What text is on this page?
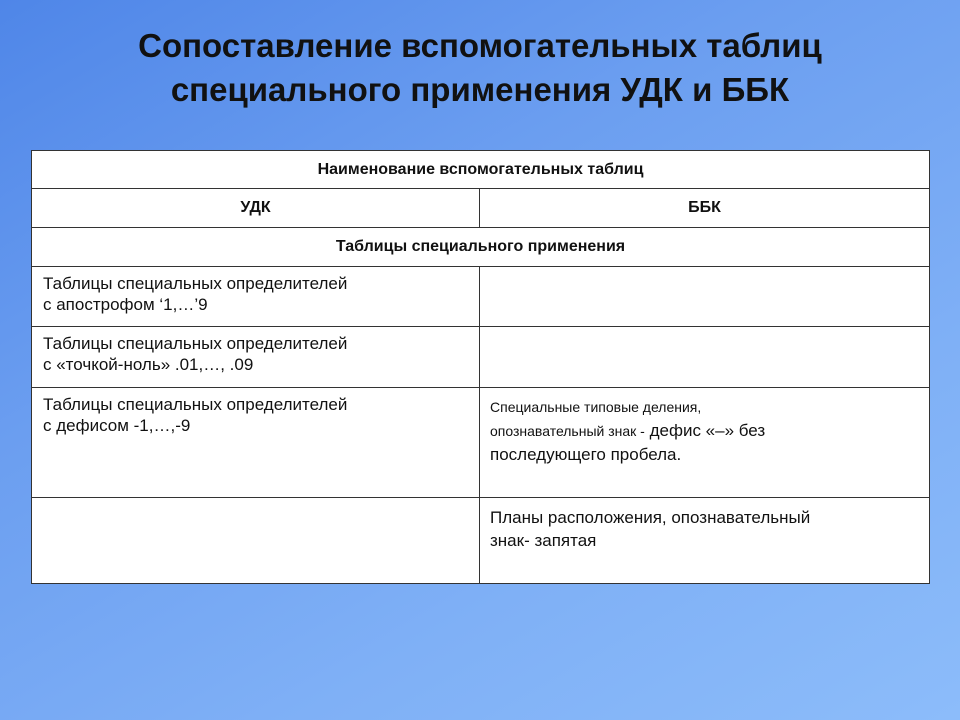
Сопоставление вспомогательных таблиц
специального применения УДК и ББК
Наименование вспомогательных таблиц	
УДК	ББК
Таблицы специального применения	

Таблицы специальных определителей
с апострофом ‘1,…’9	

Таблицы специальных определителей
с «точкой-ноль» .01,…, .09	

Таблицы специальных определителей
с дефисом -1,…,-9	Специальные типовые деления,
опознавательный знак - дефис «–» без
последующего пробела.

	Планы расположения, опознавательный
знак- запятая
